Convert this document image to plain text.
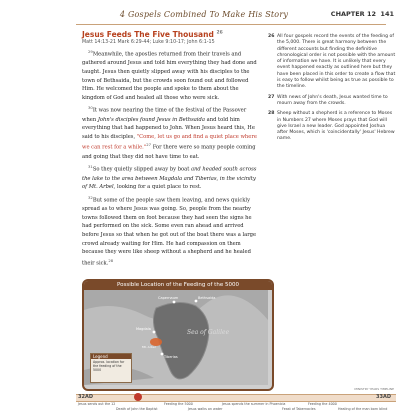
4 Gospels Combined To Make His Story	CHAPTER 12 141
Jesus Feeds The Five Thousand $^{26}$
Matt 14:13-21 Mark 6:29-44; Luke 9:10-17; John 6:1-15

$^{29}$Meanwhile, the apostles returned from their travels and gathered around Jesus and told him everything they had done and taught. Jesus then quietly slipped away with his disciples to the town of Bethsaida, but the crowds soon found out and followed Him. He welcomed the people and spoke to them about the kingdom of God and healed all those who were sick.

$^{30}$It was now nearing the time of the festival of the Passover when John's disciples found Jesus in Bethsaida and told him everything that had happened to John. When Jesus heard this, He said to his disciples, "Come, let us go and find a quiet place where we can rest for a while."$^{27}$ For there were so many people coming and going that they did not have time to eat.

$^{31}$So they quietly slipped away by boat and headed south across the lake to the area between Magdala and Tiberias, in the vicinity of Mt. Arbel, looking for a quiet place to rest.

$^{32}$But some of the people saw them leaving, and news quickly spread as to where Jesus was going. So, people from the nearby towns followed them on foot because they had seen the signs he had performed on the sick. Some even ran ahead and arrived before Jesus so that when he got out of the boat there was a large crowd already waiting for Him. He had compassion on them because they were like sheep without a shepherd and he healed their sick.$^{28}$

26 All four gospels record the events of the feeding of the 5,000. There is great harmony between the different accounts but finding the definitive chronological order is not possible with the amount of information we have. It is unlikely that every event happened exactly as outlined here but they have been placed in this order to create a flow that is easy to follow whilst being as true as possible to the timeline.
27 With news of John's death, Jesus wanted time to mourn away from the crowds.
28 Sheep without a shepherd is a reference to Moses in Numbers 27 where Moses prays that God will give Israel a new leader. God appointed Joshua after Moses, which is 'coincidentally' Jesus' Hebrew name.
Possible Location of the Feeding of the 5000
Sea of Galilee
Capernaum	Bethsaida
Magdala
Tiberias
Mt. Arbel
Legend
Approx. location for the feeding of the 5000
MINISTRY YEARS TIMELINE
32AD	33AD
Jesus sends out the 12
Death of John the Baptist
Feeding the 5000
Jesus walks on water
Jesus spends the summer in Phoenicia
Feast of Tabernacles
Feeding the 4000
Healing of the man born blind
